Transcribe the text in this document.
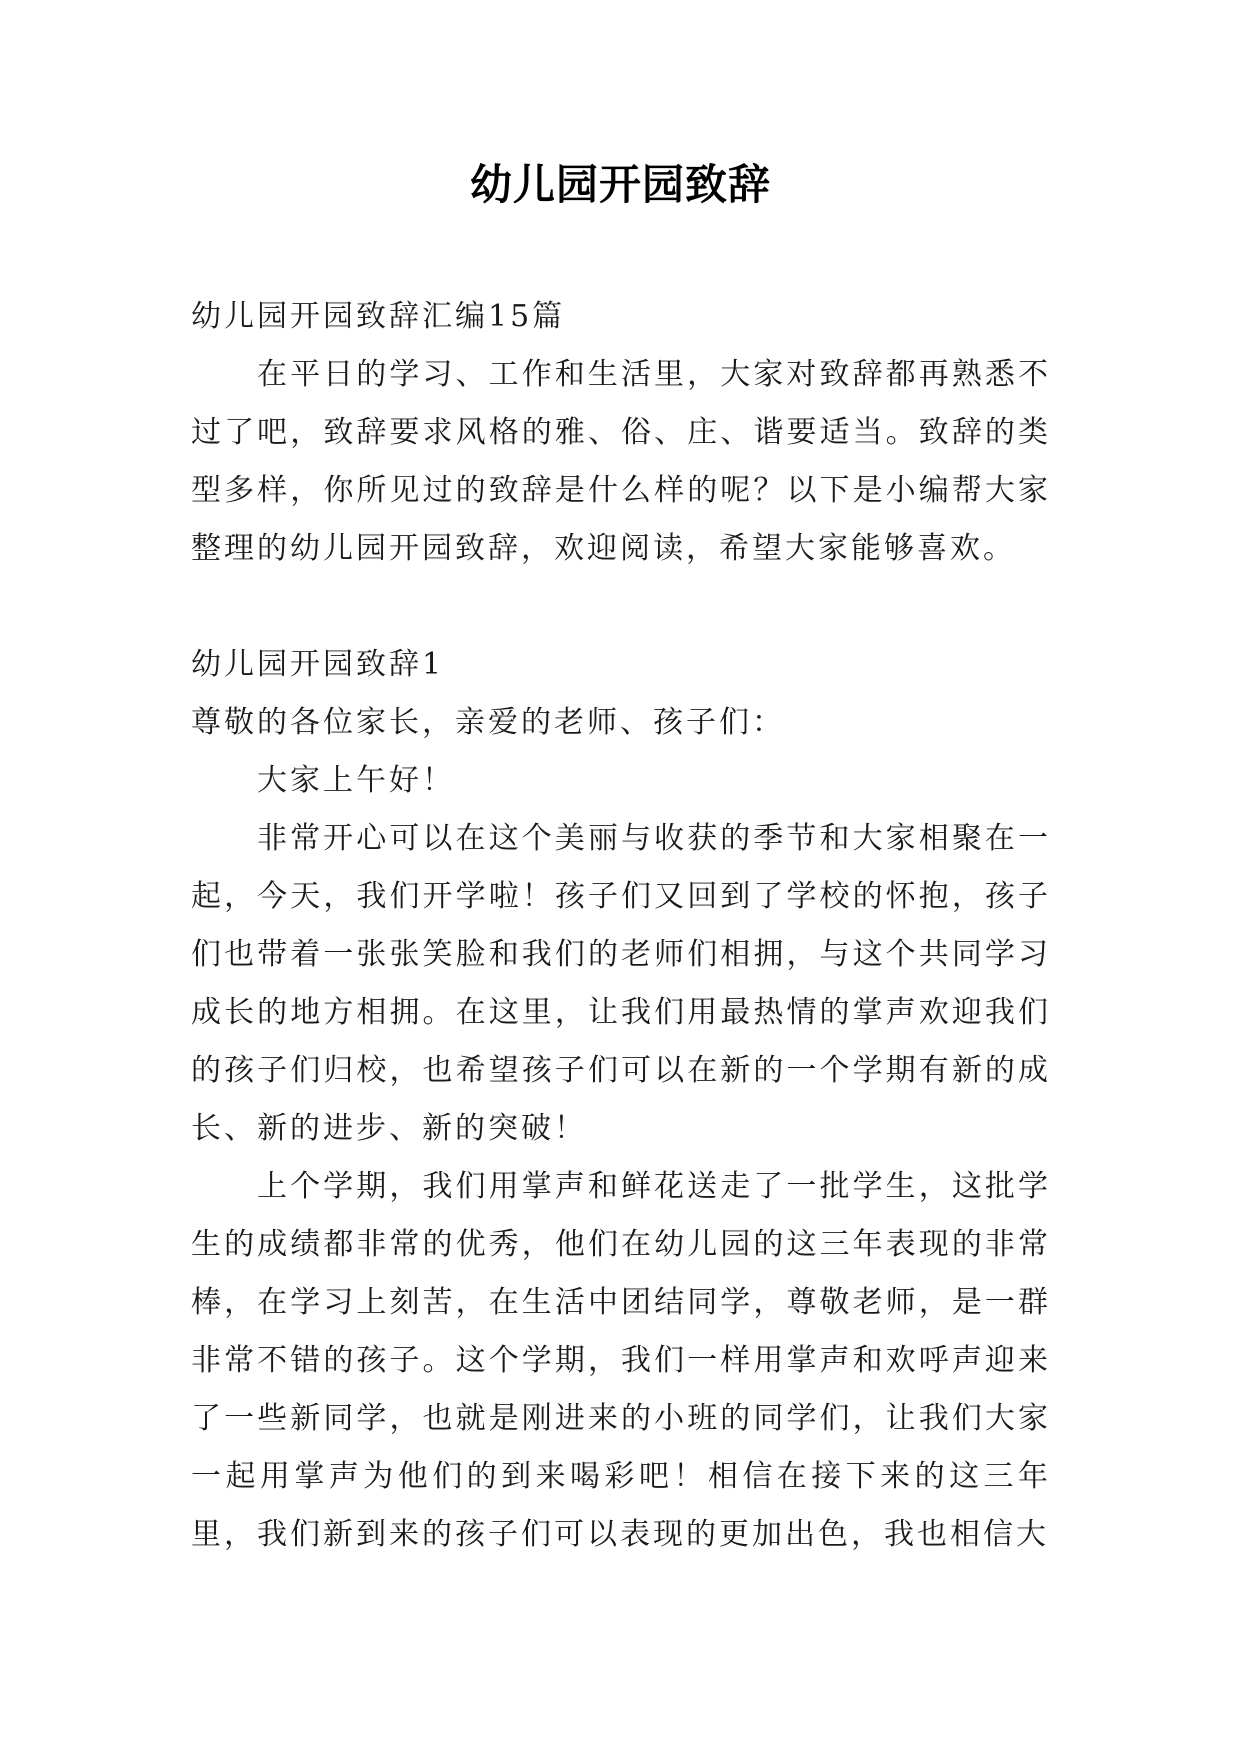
幼儿园开园致辞

幼儿园开园致辞汇编15篇

在平日的学习、工作和生活里，大家对致辞都再熟悉不过了吧，致辞要求风格的雅、俗、庄、谐要适当。致辞的类型多样，你所见过的致辞是什么样的呢？以下是小编帮大家整理的幼儿园开园致辞，欢迎阅读，希望大家能够喜欢。

幼儿园开园致辞1

尊敬的各位家长，亲爱的老师、孩子们：

大家上午好！

非常开心可以在这个美丽与收获的季节和大家相聚在一起，今天，我们开学啦！孩子们又回到了学校的怀抱，孩子们也带着一张张笑脸和我们的老师们相拥，与这个共同学习成长的地方相拥。在这里，让我们用最热情的掌声欢迎我们的孩子们归校，也希望孩子们可以在新的一个学期有新的成长、新的进步、新的突破！

上个学期，我们用掌声和鲜花送走了一批学生，这批学生的成绩都非常的优秀，他们在幼儿园的这三年表现的非常棒，在学习上刻苦，在生活中团结同学，尊敬老师，是一群非常不错的孩子。这个学期，我们一样用掌声和欢呼声迎来了一些新同学，也就是刚进来的小班的同学们，让我们大家一起用掌声为他们的到来喝彩吧！相信在接下来的这三年里，我们新到来的孩子们可以表现的更加出色，我也相信大
